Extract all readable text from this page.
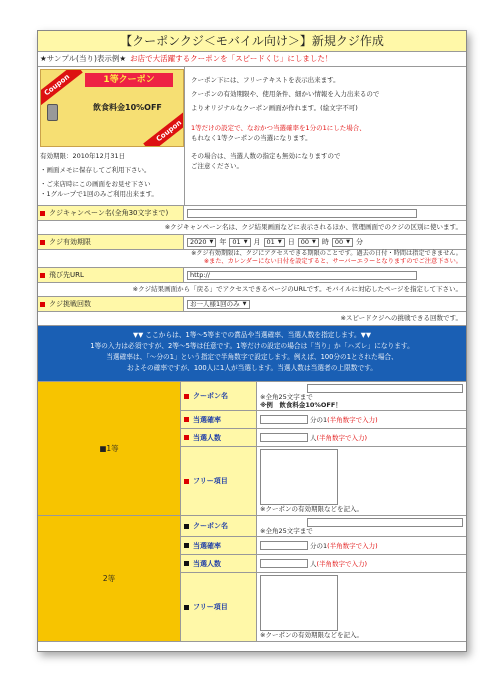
【クーポンクジ＜モバイル向け＞】新規クジ作成
★サンプル(当り)表示例★ お店で大活躍するクーポンを「スピードくじ」にしました！
Coupon	1等クーポン
飲食料金10%OFF
Coupon
有効期限：2010年12月31日
・画面メモに保存してご利用下さい。
・ご来店時にこの画面をお見せ下さい
・1グループで1回のみご利用出来ます。

クーポン下には、フリーテキストを表示出来ます。

クーポンの有効期限や、使用条件、細かい情報を入力出来るので

よりオリジナルなクーポン画面が作れます。(絵文字不可)

1等だけの設定で、なおかつ当選確率を1分の1にした場合、

もれなく1等クーポンの当選になります。

その場合は、当選人数の指定も無効になりますので

ご注意ください。

クジキャンペーン名(全角30文字まで)
※クジキャンペーン名は、クジ結果画面などに表示されるほか、管理画面でのクジの区別に使います。
クジ有効期限	2020 ▼ 年 01 ▼ 月 01 ▼ 日 00 ▼ 時 00 ▼ 分
※クジ有効期限は、クジにアクセスできる期限のことです。過去の日付・時間は指定できません。
※また、カレンダーにない日付を設定すると、サーバーエラーとなりますのでご注意下さい。
飛び先URL	http://
※クジ結果画面から「戻る」でアクセスできるページのURLです。モバイルに対応したページを指定して下さい。
クジ挑戦回数	お一人様1回のみ ▼
※スピードクジへの挑戦できる回数です。
▼▼ ここからは、1等～5等までの賞品や当選確率、当選人数を指定します。▼▼
1等の入力は必須ですが、2等～5等は任意です。1等だけの設定の場合は「当り」か「ハズレ」になります。
当選確率は、「～分の1」という指定で半角数字で設定します。例えば、100分の1とされた場合、
およその確率ですが、100人に1人が当選します。当選人数は当選者の上限数です。
■1等
クーポン名	※全角25文字まで
※例　飲食料金10%OFF！
当選確率	分の1 (半角数字で入力)
当選人数	人 (半角数字で入力)
フリー項目
※クーポンの有効期限などを記入。
2等
クーポン名
※全角25文字まで
当選確率	分の1 (半角数字で入力)
当選人数	人 (半角数字で入力)
フリー項目
※クーポンの有効期限などを記入。
